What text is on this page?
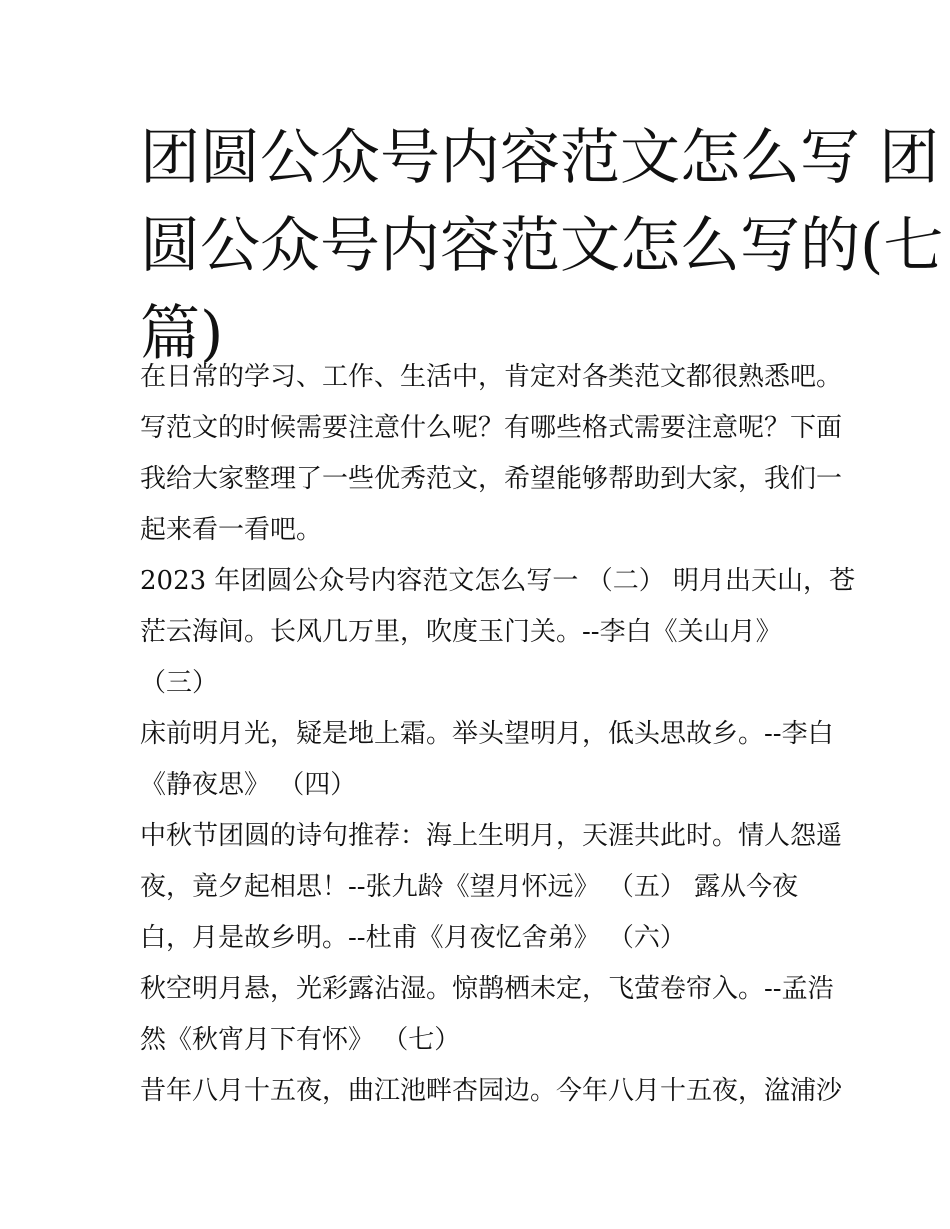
团圆公众号内容范文怎么写 团
圆公众号内容范文怎么写的(七
篇)
在日常的学习、工作、生活中，肯定对各类范文都很熟悉吧。
写范文的时候需要注意什么呢？有哪些格式需要注意呢？下面
我给大家整理了一些优秀范文，希望能够帮助到大家，我们一
起来看一看吧。
2023 年团圆公众号内容范文怎么写一 （二） 明月出天山，苍
茫云海间。长风几万里，吹度玉门关。--李白《关山月》
（三）
床前明月光，疑是地上霜。举头望明月，低头思故乡。--李白
《静夜思》 （四）
中秋节团圆的诗句推荐：海上生明月，天涯共此时。情人怨遥
夜，竟夕起相思！--张九龄《望月怀远》 （五） 露从今夜
白，月是故乡明。--杜甫《月夜忆舍弟》 （六）
秋空明月悬，光彩露沾湿。惊鹊栖未定，飞萤卷帘入。--孟浩
然《秋宵月下有怀》 （七）
昔年八月十五夜，曲江池畔杏园边。今年八月十五夜，湓浦沙
